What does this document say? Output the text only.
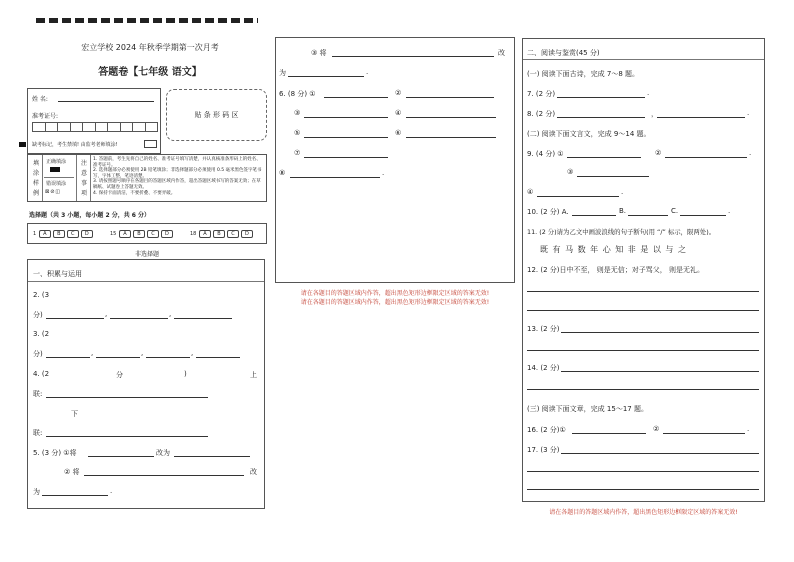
宏立学校 2024 年秋季学期第一次月考
答题卷【七年级 语文】
姓 名:
准考证号:
缺考标记，考生禁填! 由监考老师填涂!
贴 条 形 码 区
填
涂
样
例
正确填涂
错误填涂
⊠⊘◫
注
意
事
项
1. 答题前，考生先将自己的姓名、准考证号填写清楚，并认真核准条形码上的姓名、准考证号。
2. 选择题部分必须使用 2B 铅笔填涂；非选择题部分必须使用 0.5 毫米黑色签字笔书写，字体工整，笔迹清楚。
3. 请按照题号顺序在各题目的答题区域内作答，超出答题区域书写的答案无效；在草稿纸、试题卷上答题无效。
4. 保持卡面清洁，不要折叠、不要弄破。
选择题（共 3 小题，每小题 2 分，共 6 分）
1 A B C D	15 A B C D	18 A B C D
非选择题
一、积累与运用
2. (3
分)	,	,
3. (2
分)	,	,	,
4. (2	分	)	上
联:
下
联:
5. (3 分) ①将	改为
② 将	改
为	.
③ 将	改
为	.
6. (8 分) ①	②
③	④
⑤	⑥
⑦
⑧	.
请在各题目的答题区域内作答，超出黑色矩形边框限定区域的答案无效!
请在各题目的答题区域内作答，超出黑色矩形边框限定区域的答案无效!
二、阅读与鉴赏(45 分)
(一) 阅读下面古诗，完成 7～8 题。
7. (2 分)	.
8. (2 分)	，	.
(二) 阅读下面文言文，完成 9～14 题。
9. (4 分) ①	②	.
③
④	.
10. (2 分) A.	B.	C.	.
11. (2 分)请为乙文中画波浪线的句子断句(用 “/” 标示，限两处)。
既 有 马 数 年 心 知 非 是 以 与 之
12. (2 分)日中不至， 则是无信；对子骂父， 则是无礼。
13. (2 分)
14. (2 分)
(三) 阅读下面文章，完成 15～17 题。
16. (2 分)①	②	.
17. (3 分)
请在各题目的答题区域内作答，超出黑色矩形边框限定区域的答案无效!
